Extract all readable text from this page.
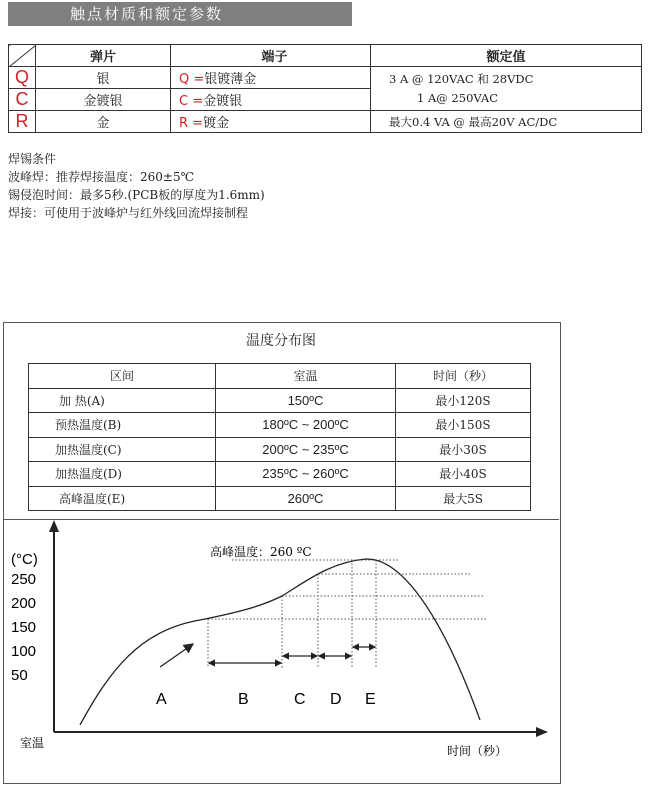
触点材质和额定参数
	弹片	端子	额定值
Q	银	Q =银镀薄金	3 A @ 120VAC 和 28VDC
1 A@ 250VAC

C	金镀银	C =金镀银	
R	金	R =镀金	最大0.4 VA @ 最高20V AC/DC
焊锡条件
波峰焊：推荐焊接温度：260±5℃
锡侵泡时间：最多5秒.(PCB板的厚度为1.6mm)
焊接：可使用于波峰炉与红外线回流焊接制程
温度分布图
区间	室温	时间（秒）
加 热(A)	150ºC	最小120S
预热温度(B)	180ºC ~ 200ºC	最小150S
加热温度(C)	200ºC ~ 235ºC	最小30S
加热温度(D)	235ºC ~ 260ºC	最小40S
高峰温度(E)	260ºC	最大5S
(°C)
250
200
150
100
50
室温
时间（秒）
高峰温度：260 ºC
A	B	C D E
